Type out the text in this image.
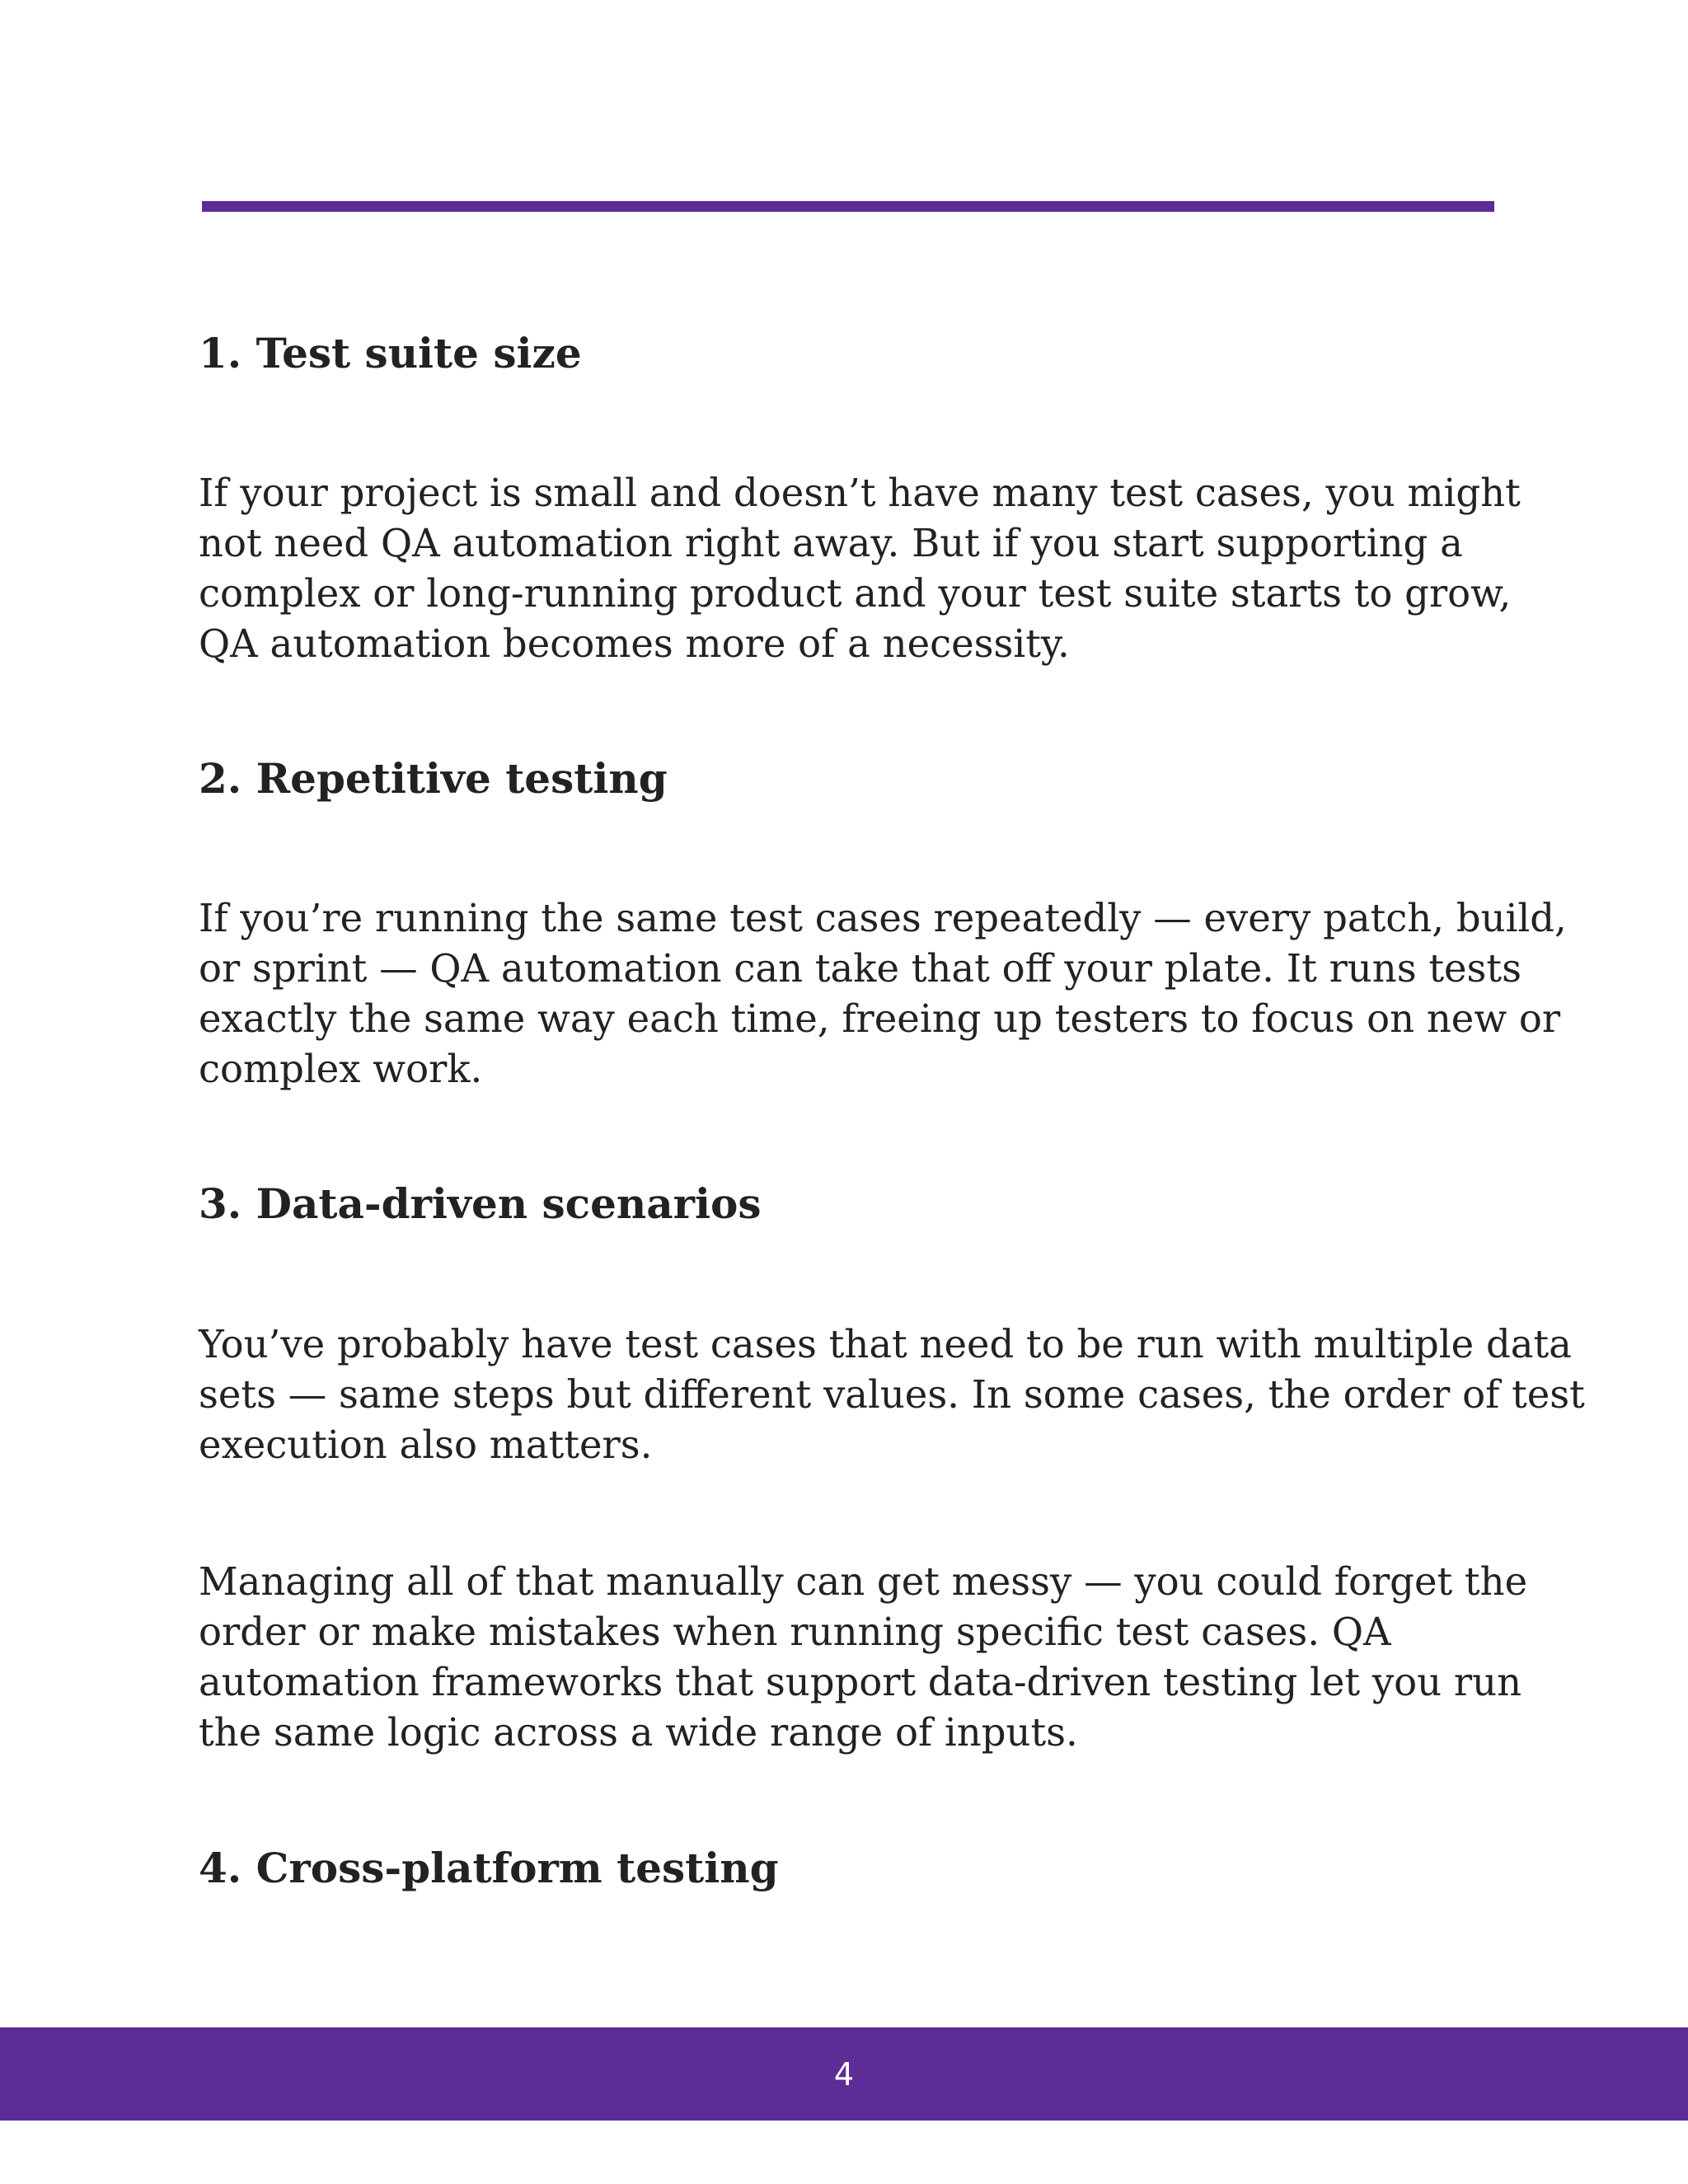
1. Test suite size

If your project is small and doesn’t have many test cases, you might
not need QA automation right away. But if you start supporting a
complex or long-running product and your test suite starts to grow,
QA automation becomes more of a necessity.

2. Repetitive testing

If you’re running the same test cases repeatedly — every patch, build,
or sprint — QA automation can take that off your plate. It runs tests
exactly the same way each time, freeing up testers to focus on new or
complex work.

3. Data-driven scenarios

You’ve probably have test cases that need to be run with multiple data
sets — same steps but different values. In some cases, the order of test
execution also matters.

Managing all of that manually can get messy — you could forget the
order or make mistakes when running specific test cases. QA
automation frameworks that support data-driven testing let you run
the same logic across a wide range of inputs.

4. Cross-platform testing
4
